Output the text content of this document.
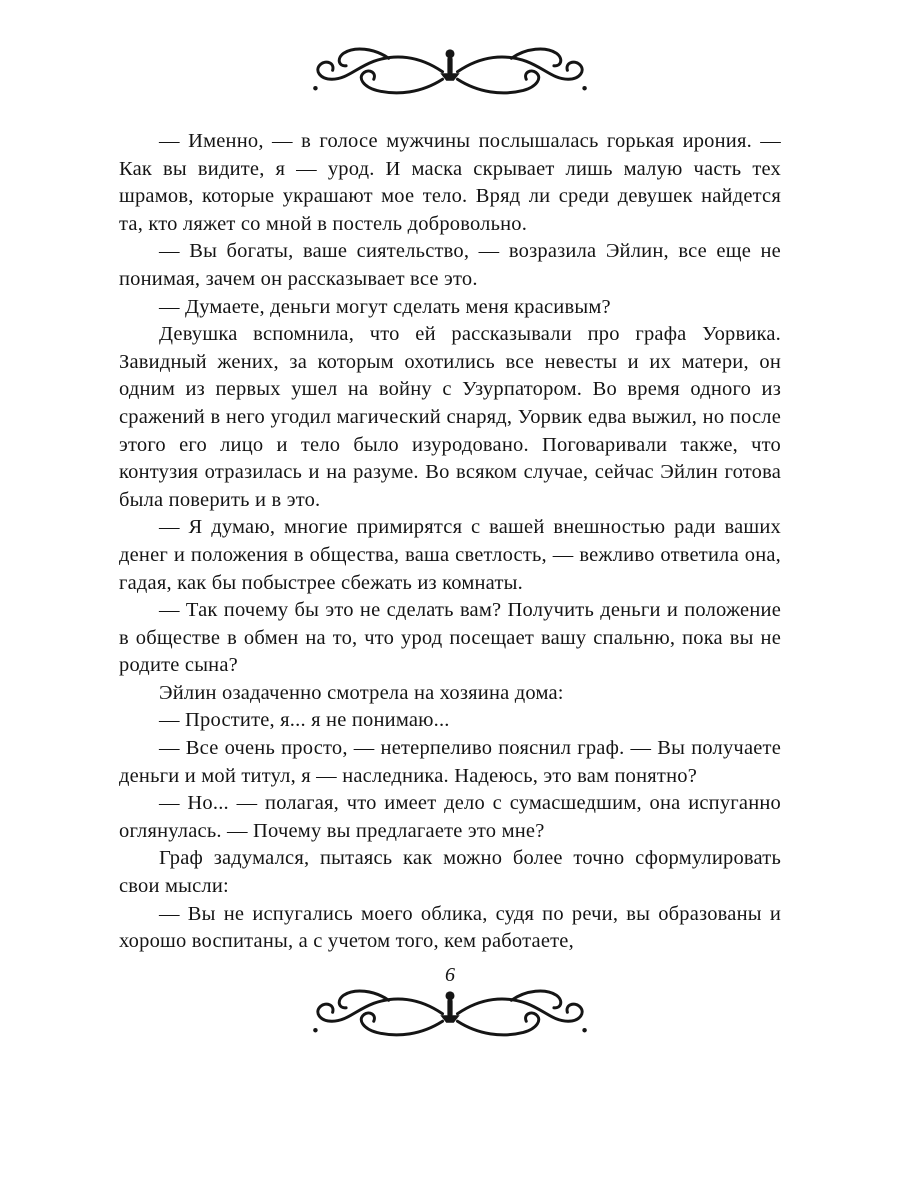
— Именно, — в голосе мужчины послышалась горькая ирония. — Как вы видите, я — урод. И маска скрывает лишь малую часть тех шрамов, которые украшают мое тело. Вряд ли среди девушек найдется та, кто ляжет со мной в постель добровольно.

— Вы богаты, ваше сиятельство, — возразила Эйлин, все еще не понимая, зачем он рассказывает все это.

— Думаете, деньги могут сделать меня красивым?

Девушка вспомнила, что ей рассказывали про графа Уорвика. Завидный жених, за которым охотились все невесты и их матери, он одним из первых ушел на войну с Узурпатором. Во время одного из сражений в него угодил магический снаряд, Уорвик едва выжил, но после этого его лицо и тело было изуродовано. Поговаривали также, что контузия отразилась и на разуме. Во всяком случае, сейчас Эйлин готова была поверить и в это.

— Я думаю, многие примирятся с вашей внешностью ради ваших денег и положения в общества, ваша светлость, — вежливо ответила она, гадая, как бы побыстрее сбежать из комнаты.

— Так почему бы это не сделать вам? Получить деньги и положение в обществе в обмен на то, что урод посещает вашу спальню, пока вы не родите сына?

Эйлин озадаченно смотрела на хозяина дома:

— Простите, я... я не понимаю...

— Все очень просто, — нетерпеливо пояснил граф. — Вы получаете деньги и мой титул, я — наследника. Надеюсь, это вам понятно?

— Но... — полагая, что имеет дело с сумасшедшим, она испуганно оглянулась. — Почему вы предлагаете это мне?

Граф задумался, пытаясь как можно более точно сформулировать свои мысли:

— Вы не испугались моего облика, судя по речи, вы образованы и хорошо воспитаны, а с учетом того, кем работаете,

6
